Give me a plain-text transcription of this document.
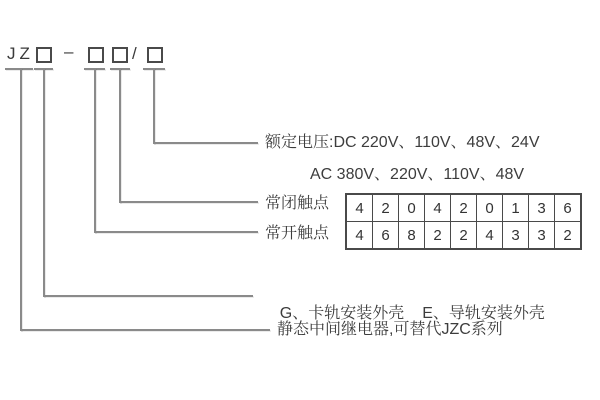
JZ –	/
额定电压:DC 220V、110V、48V、24V
AC 380V、220V、110V、48V
常闭触点
常开触点

G、卡轨安装外壳 E、导轨安装外壳

静态中间继电器,可替代JZC系列
4	2	0	4	2	0	1	3	6
4	6	8	2	2	4	3	3	2
